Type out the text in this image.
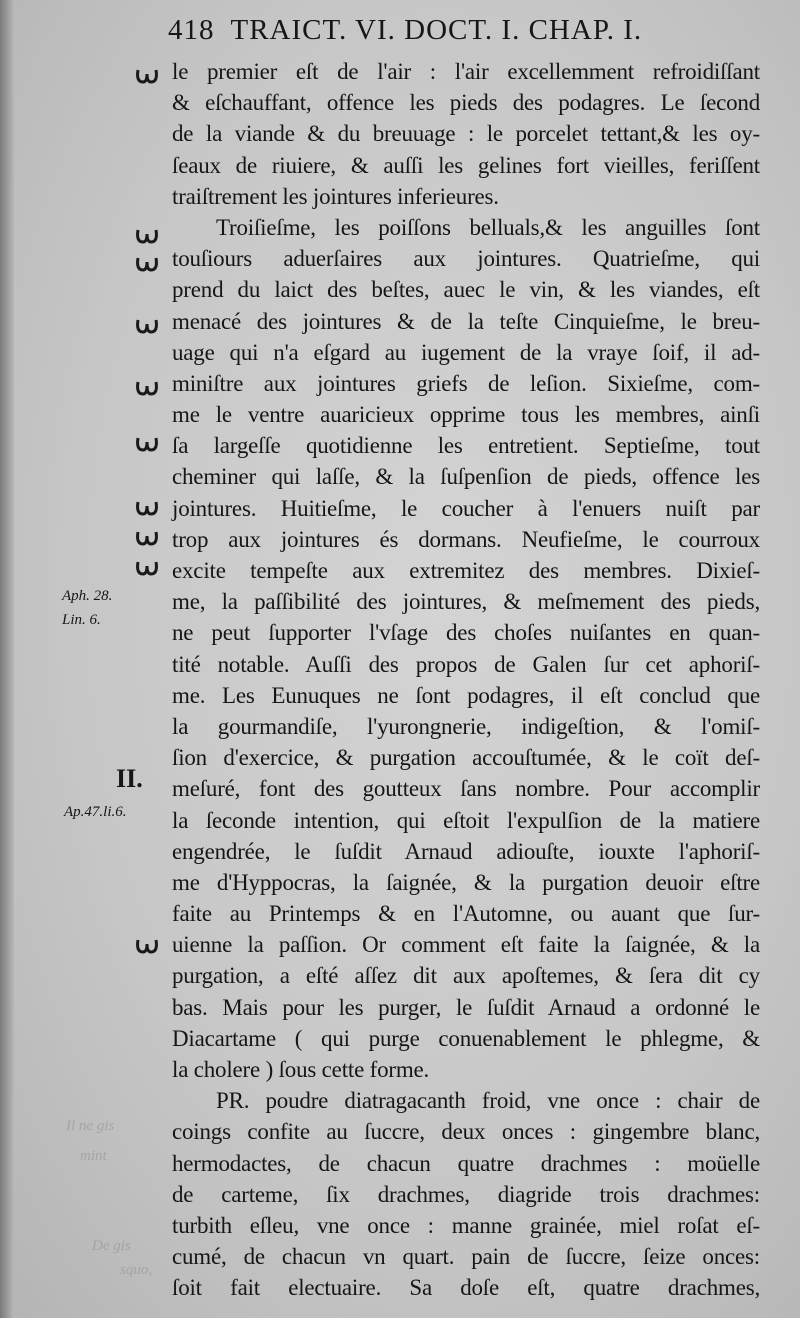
418 TRAICT. VI. DOCT. I. CHAP. I.
Aph. 28.
Lin. 6.
II.
Ap.47.li.6.
Il ne gis
mint
De gis
squo,
le premier eſt de l'air : l'air excellemment refroidiſſant
& eſchauffant, offence les pieds des podagres. Le ſecond
de la viande & du breuuage : le porcelet tettant,& les oy-
ſeaux de riuiere, & auſſi les gelines fort vieilles, feriſſent
traiſtrement les jointures inferieures.
Troiſieſme, les poiſſons belluals,& les anguilles ſont
touſiours aduerſaires aux jointures. Quatrieſme, qui
prend du laict des beſtes, auec le vin, & les viandes, eſt
menacé des jointures & de la teſte Cinquieſme, le breu-
uage qui n'a eſgard au iugement de la vraye ſoif, il ad-
miniſtre aux jointures griefs de leſion. Sixieſme, com-
me le ventre auaricieux opprime tous les membres, ainſi
ſa largeſſe quotidienne les entretient. Septieſme, tout
cheminer qui laſſe, & la ſuſpenſion de pieds, offence les
jointures. Huitieſme, le coucher à l'enuers nuiſt par
trop aux jointures és dormans. Neufieſme, le courroux
excite tempeſte aux extremitez des membres. Dixieſ-
me, la paſſibilité des jointures, & meſmement des pieds,
ne peut ſupporter l'vſage des choſes nuiſantes en quan-
tité notable. Auſſi des propos de Galen ſur cet aphoriſ-
me. Les Eunuques ne ſont podagres, il eſt conclud que
la gourmandiſe, l'yurongnerie, indigeſtion, & l'omiſ-
ſion d'exercice, & purgation accouſtumée, & le coït deſ-
meſuré, font des goutteux ſans nombre. Pour accomplir
la ſeconde intention, qui eſtoit l'expulſion de la matiere
engendrée, le ſuſdit Arnaud adiouſte, iouxte l'aphoriſ-
me d'Hyppocras, la ſaignée, & la purgation deuoir eſtre
faite au Printemps & en l'Automne, ou auant que ſur-
uienne la paſſion. Or comment eſt faite la ſaignée, & la
purgation, a eſté aſſez dit aux apoſtemes, & ſera dit cy
bas. Mais pour les purger, le ſuſdit Arnaud a ordonné le
Diacartame ( qui purge conuenablement le phlegme, &
la cholere ) ſous cette forme.
PR. poudre diatragacanth froid, vne once : chair de
coings confite au ſuccre, deux onces : gingembre blanc,
hermodactes, de chacun quatre drachmes : moüelle
de carteme, ſix drachmes, diagride trois drachmes:
turbith eſleu, vne once : manne grainée, miel roſat eſ-
cumé, de chacun vn quart. pain de ſuccre, ſeize onces:
ſoit fait electuaire. Sa doſe eſt, quatre drachmes,
